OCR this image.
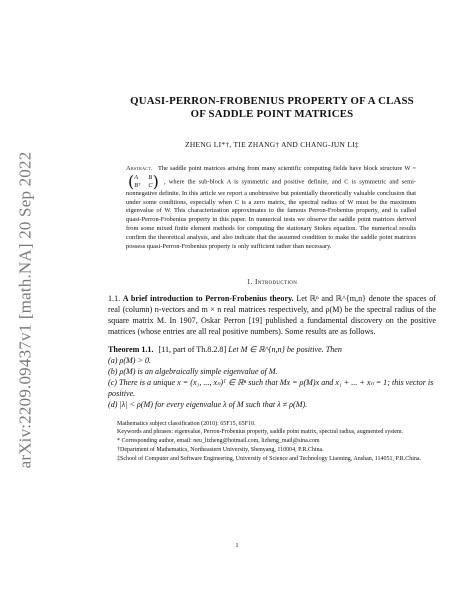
arXiv:2209.09437v1 [math.NA] 20 Sep 2022
QUASI-PERRON-FROBENIUS PROPERTY OF A CLASS
OF SADDLE POINT MATRICES
ZHENG LI*†, TIE ZHANG† AND CHANG-JUN LI‡
Abstract. The saddle point matrices arising from many scientific computing fields have block structure W =
( A	B
Bᵀ C ) , where the sub-block A is symmetric and positive definite, and C is symmetric and semi-nonnegative definite. In this article we report a unobtrusive but potentially theoretically valuable conclusion that under some conditions, especially when C is a zero matrix, the spectral radius of W must be the maximum eigenvalue of W. This characterization approximates to the famous Perron-Frobenius property, and is called quasi-Perron-Frobenius property in this paper. In numerical tests we observe the saddle point matrices derived from some mixed finite element methods for computing the stationary Stokes equation. The numerical results confirm the theoretical analysis, and also indicate that the assumed condition to make the saddle point matrices possess quasi-Perron-Frobenius property is only sufficient rather than necessary.
1. Introduction

1.1. A brief introduction to Perron-Frobenius theory. Let ℝⁿ and ℝ^{m,n} denote the spaces of real (column) n-vectors and m × n real matrices respectively, and ρ(M) be the spectral radius of the square matrix M. In 1907, Oskar Perron [19] published a fundamental discovery on the positive matrices (whose entries are all real positive numbers). Some results are as follows.

Theorem 1.1. [11, part of Th.8.2.8] Let M ∈ ℝ^{n,n} be positive. Then
(a) ρ(M) > 0.
(b) ρ(M) is an algebraically simple eigenvalue of M.
(c) There is a unique x = (x₁, ..., xₙ)ᵀ ∈ ℝⁿ such that Mx = ρ(M)x and x₁ + ... + xₙ = 1; this vector is positive.
(d) |λ| < ρ(M) for every eigenvalue λ of M such that λ ≠ ρ(M).

Mathematics subject classification (2010): 65F15, 65F10.

Keywords and phrases: eigenvalue, Perron-Frobenius property, saddle point matrix, spectral radius, augmented system.

* Corresponding author, email: neu_lizheng@hotmail.com, lizheng_mail@sina.com

†Department of Mathematics, Northeastern University, Shenyang, 110004, P.R.China.

‡School of Computer and Software Engineering, University of Science and Technology Liaoning, Anshan, 114051, P.R.China.

1
